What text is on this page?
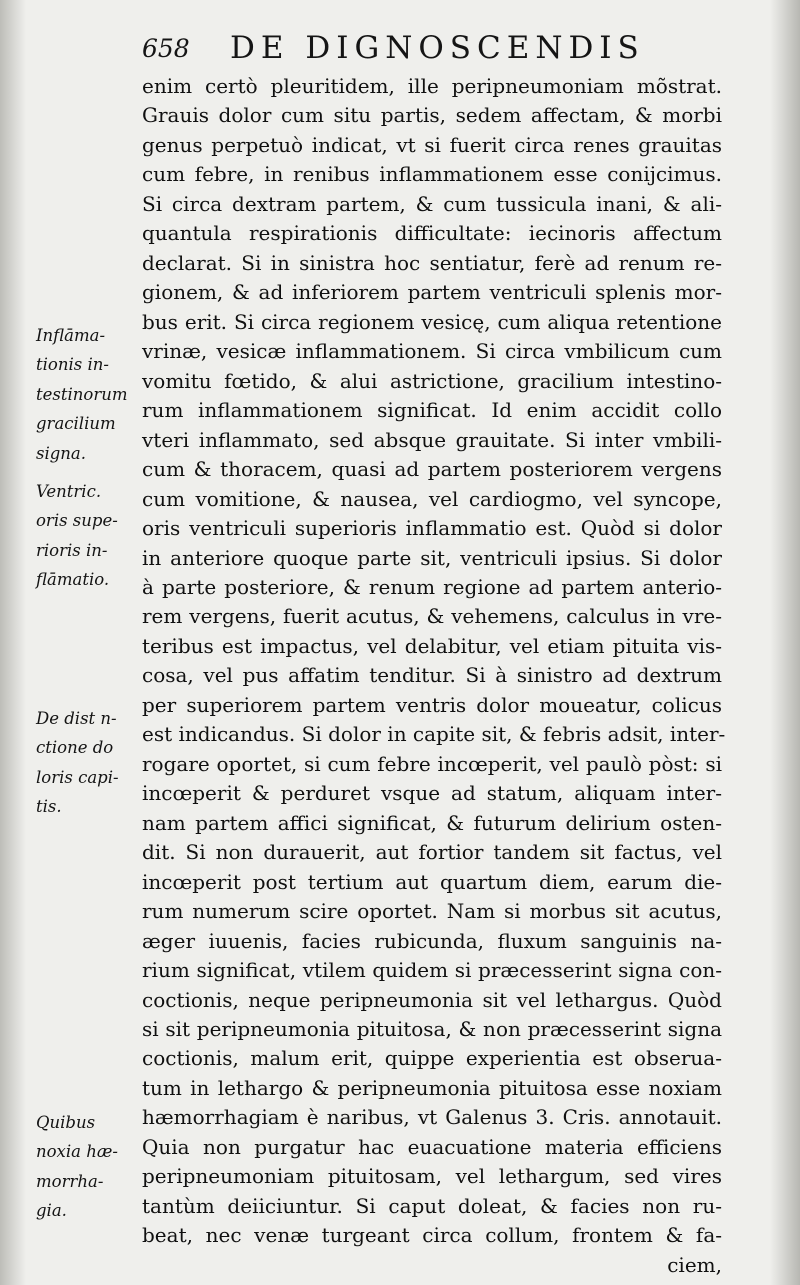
658 DE DIGNOSCENDIS
enim certò pleuritidem, ille peripneumoniam mõstrat.
Grauis dolor cum situ partis, sedem affectam, & morbi
genus perpetuò indicat, vt si fuerit circa renes grauitas
cum febre, in renibus inflammationem esse conijcimus.
Si circa dextram partem, & cum tussicula inani, & ali-
quantula respirationis difficultate: iecinoris affectum
declarat. Si in sinistra hoc sentiatur, ferè ad renum re-
gionem, & ad inferiorem partem ventriculi splenis mor-
bus erit. Si circa regionem vesicę, cum aliqua retentione
vrinæ, vesicæ inflammationem. Si circa vmbilicum cum
vomitu fœtido, & alui astrictione, gracilium intestino-
rum inflammationem significat. Id enim accidit collo
vteri inflammato, sed absque grauitate. Si inter vmbili-
cum & thoracem, quasi ad partem posteriorem vergens
cum vomitione, & nausea, vel cardiogmo, vel syncope,
oris ventriculi superioris inflammatio est. Quòd si dolor
in anteriore quoque parte sit, ventriculi ipsius. Si dolor
à parte posteriore, & renum regione ad partem anterio-
rem vergens, fuerit acutus, & vehemens, calculus in vre-
teribus est impactus, vel delabitur, vel etiam pituita vis-
cosa, vel pus affatim tenditur. Si à sinistro ad dextrum
per superiorem partem ventris dolor moueatur, colicus
est indicandus. Si dolor in capite sit, & febris adsit, inter-
rogare oportet, si cum febre incœperit, vel paulò pòst: si
incœperit & perduret vsque ad statum, aliquam inter-
nam partem affici significat, & futurum delirium osten-
dit. Si non durauerit, aut fortior tandem sit factus, vel
incœperit post tertium aut quartum diem, earum die-
rum numerum scire oportet. Nam si morbus sit acutus,
æger iuuenis, facies rubicunda, fluxum sanguinis na-
rium significat, vtilem quidem si præcesserint signa con-
coctionis, neque peripneumonia sit vel lethargus. Quòd
si sit peripneumonia pituitosa, & non præcesserint signa
coctionis, malum erit, quippe experientia est obserua-
tum in lethargo & peripneumonia pituitosa esse noxiam
hæmorrhagiam è naribus, vt Galenus 3. Cris. annotauit.
Quia non purgatur hac euacuatione materia efficiens
peripneumoniam pituitosam, vel lethargum, sed vires
tantùm deiiciuntur. Si caput doleat, & facies non ru-
beat, nec venæ turgeant circa collum, frontem & fa-
ciem,
Inflāma-
tionis in-
testinorum
gracilium
signa.
Ventric.
oris supe-
rioris in-
flāmatio.
De dist n-
ctione do
loris capi-
tis.
Quibus
noxia hæ-
morrha-
gia.
